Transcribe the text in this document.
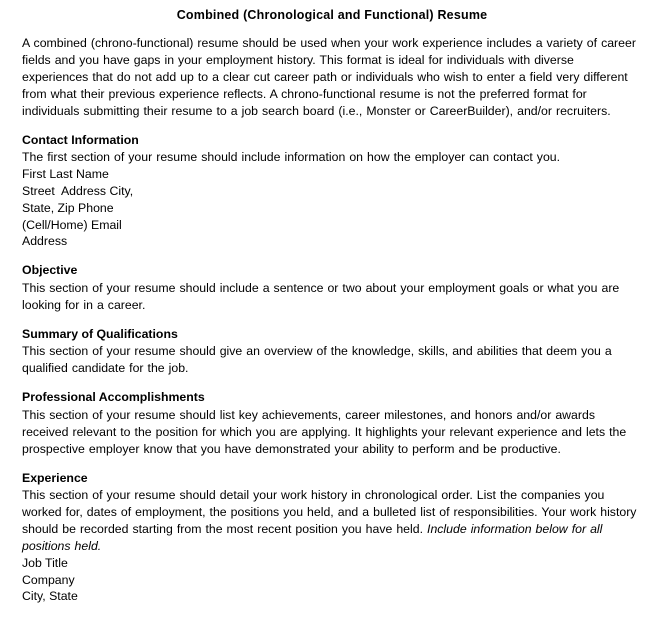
Combined (Chronological and Functional) Resume

A combined (chrono-functional) resume should be used when your work experience includes a variety of career fields and you have gaps in your employment history. This format is ideal for individuals with diverse experiences that do not add up to a clear cut career path or individuals who wish to enter a field very different from what their previous experience reflects. A chrono-functional resume is not the preferred format for individuals submitting their resume to a job search board (i.e., Monster or CareerBuilder), and/or recruiters.

Contact Information
The first section of your resume should include information on how the employer can contact you.
First Last Name
Street  Address City,
State, Zip Phone
(Cell/Home) Email
Address
Objective
This section of your resume should include a sentence or two about your employment goals or what you are looking for in a career.
Summary of Qualifications
This section of your resume should give an overview of the knowledge, skills, and abilities that deem you a qualified candidate for the job.
Professional Accomplishments
This section of your resume should list key achievements, career milestones, and honors and/or awards received relevant to the position for which you are applying. It highlights your relevant experience and lets the prospective employer know that you have demonstrated your ability to perform and be productive.
Experience
This section of your resume should detail your work history in chronological order. List the companies you worked for, dates of employment, the positions you held, and a bulleted list of responsibilities. Your work history should be recorded starting from the most recent position you have held. Include information below for all positions held.
Job Title
Company
City, State
